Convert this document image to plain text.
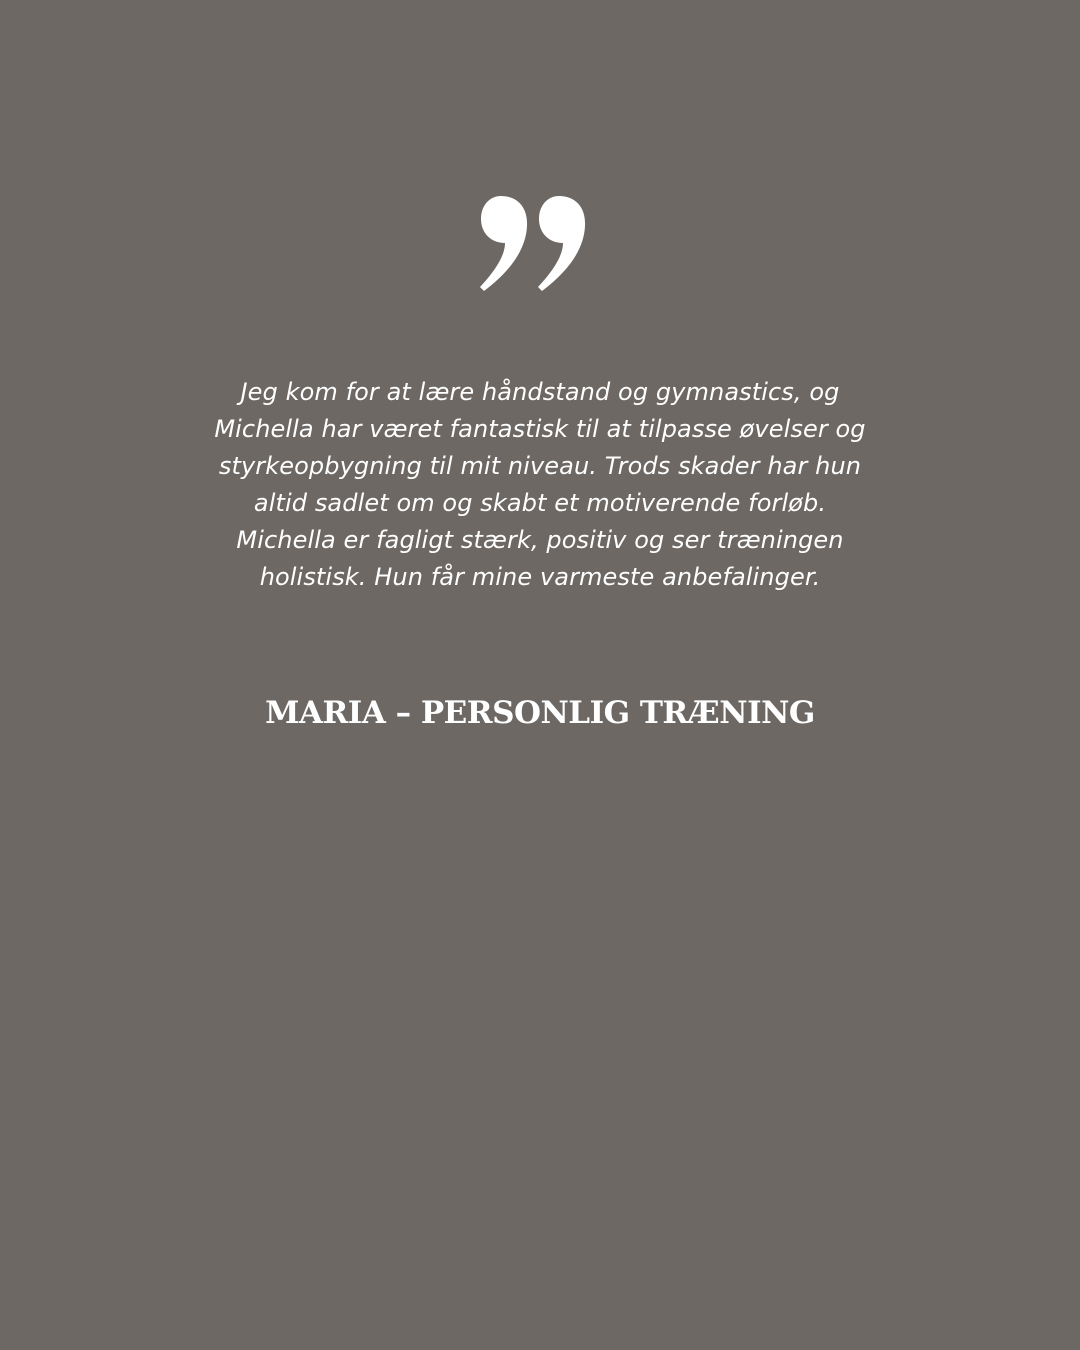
Jeg kom for at lære håndstand og gymnastics, og
Michella har været fantastisk til at tilpasse øvelser og
styrkeopbygning til mit niveau. Trods skader har hun
altid sadlet om og skabt et motiverende forløb.
Michella er fagligt stærk, positiv og ser træningen
holistisk. Hun får mine varmeste anbefalinger.

MARIA – PERSONLIG TRÆNING
